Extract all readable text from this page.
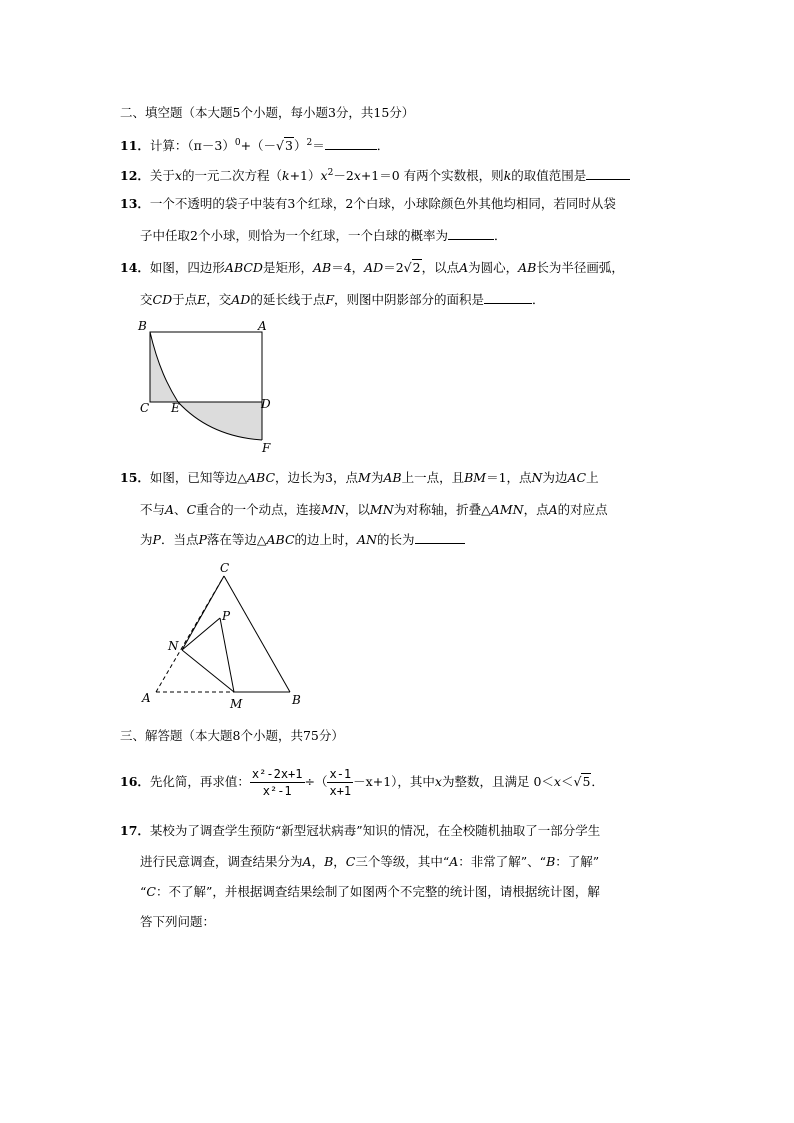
二、填空题（本大题5个小题，每小题3分，共15分）
11．计算：$(\pi-3)^0+(-√3)^2=$	．
12．关于x的一元二次方程$(k+1)x^2-2x+1=0$ 有两个实数根，则k的取值范围是
13．一个不透明的袋子中装有3个红球，2个白球，小球除颜色外其他均相同，若同时从袋
子中任取2个小球，则恰为一个红球，一个白球的概率为	．
14．如图，四边形ABCD是矩形，AB＝4，AD＝2√2，以点A为圆心，AB长为半径画弧，
交CD于点E，交AD的延长线于点F，则图中阴影部分的面积是	．
B	A
C E	D
F
15．如图，已知等边△ABC，边长为3，点M为AB上一点，且BM＝1，点N为边AC上
不与A、C重合的一个动点，连接MN，以MN为对称轴，折叠△AMN，点A的对应点
为P．当点P落在等边△ABC的边上时，AN的长为
C
P
N
A	M	B
三、解答题（本大题8个小题，共75分）
16．先化简，再求值： $\frac{\text{x²-2x+1}}{\text{x²-1}}$ ÷（ $\frac{x-1}{x+1} -x+1$），其中x为整数，且满足 0＜x＜√5．
17．某校为了调查学生预防“新型冠状病毒”知识的情况，在全校随机抽取了一部分学生
进行民意调查，调查结果分为A，B，C三个等级，其中“A：非常了解”、“B：了解”
“C：不了解”，并根据调查结果绘制了如图两个不完整的统计图，请根据统计图，解
答下列问题：
